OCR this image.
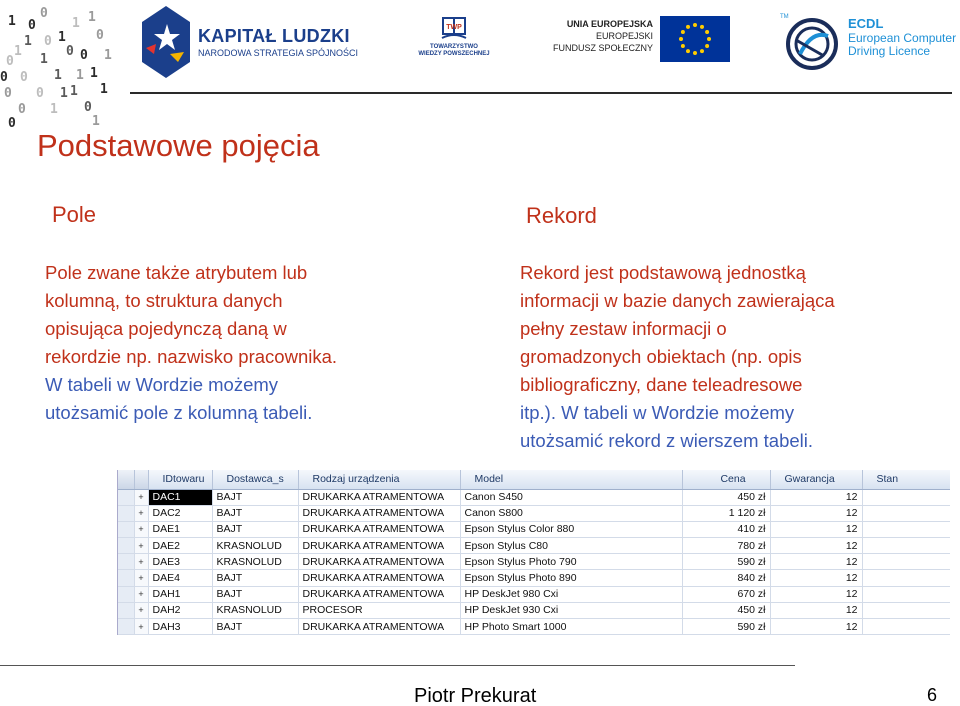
1
0
1
1 1 0
0 1 0 1
0 1 1
0 0 1 1
0 1 0
0
1
1	0
0	1
0
1
0	1
KAPITAŁ LUDZKI
NARODOWA STRATEGIA SPÓJNOŚCI
TWP
TOWARZYSTWO
WIEDZY POWSZECHNEJ
UNIA EUROPEJSKA
EUROPEJSKI
FUNDUSZ SPOŁECZNY
TM	ECDL
European Computer
Driving Licence
Podstawowe pojęcia
Pole	Rekord
Pole zwane także atrybutem lub
kolumną, to struktura danych
opisująca pojedynczą daną w
rekordzie np. nazwisko pracownika.
W tabeli w Wordzie możemy
utożsamić pole z kolumną tabeli.
Rekord jest podstawową jednostką
informacji w bazie danych zawierająca
pełny zestaw informacji o
gromadzonych obiektach (np. opis
bibliograficzny, dane teleadresowe
itp.). W tabeli w Wordzie możemy
utożsamić rekord z wierszem tabeli.
		IDtowaru	Dostawca_s	Rodzaj urządzenia	Model	Cena	Gwarancja	Stan
	+	DAC1	BAJT	DRUKARKA ATRAMENTOWA	Canon S450	450 zł	12	
	+	DAC2	BAJT	DRUKARKA ATRAMENTOWA	Canon S800	1 120 zł	12	
	+	DAE1	BAJT	DRUKARKA ATRAMENTOWA	Epson Stylus Color 880	410 zł	12	
	+	DAE2	KRASNOLUD	DRUKARKA ATRAMENTOWA	Epson Stylus C80	780 zł	12	
	+	DAE3	KRASNOLUD	DRUKARKA ATRAMENTOWA	Epson Stylus Photo 790	590 zł	12	
	+	DAE4	BAJT	DRUKARKA ATRAMENTOWA	Epson Stylus Photo 890	840 zł	12	
	+	DAH1	BAJT	DRUKARKA ATRAMENTOWA	HP DeskJet 980 Cxi	670 zł	12	
	+	DAH2	KRASNOLUD	PROCESOR	HP DeskJet 930 Cxi	450 zł	12	
	+	DAH3	BAJT	DRUKARKA ATRAMENTOWA	HP Photo Smart 1000	590 zł	12	
Piotr Prekurat	6
